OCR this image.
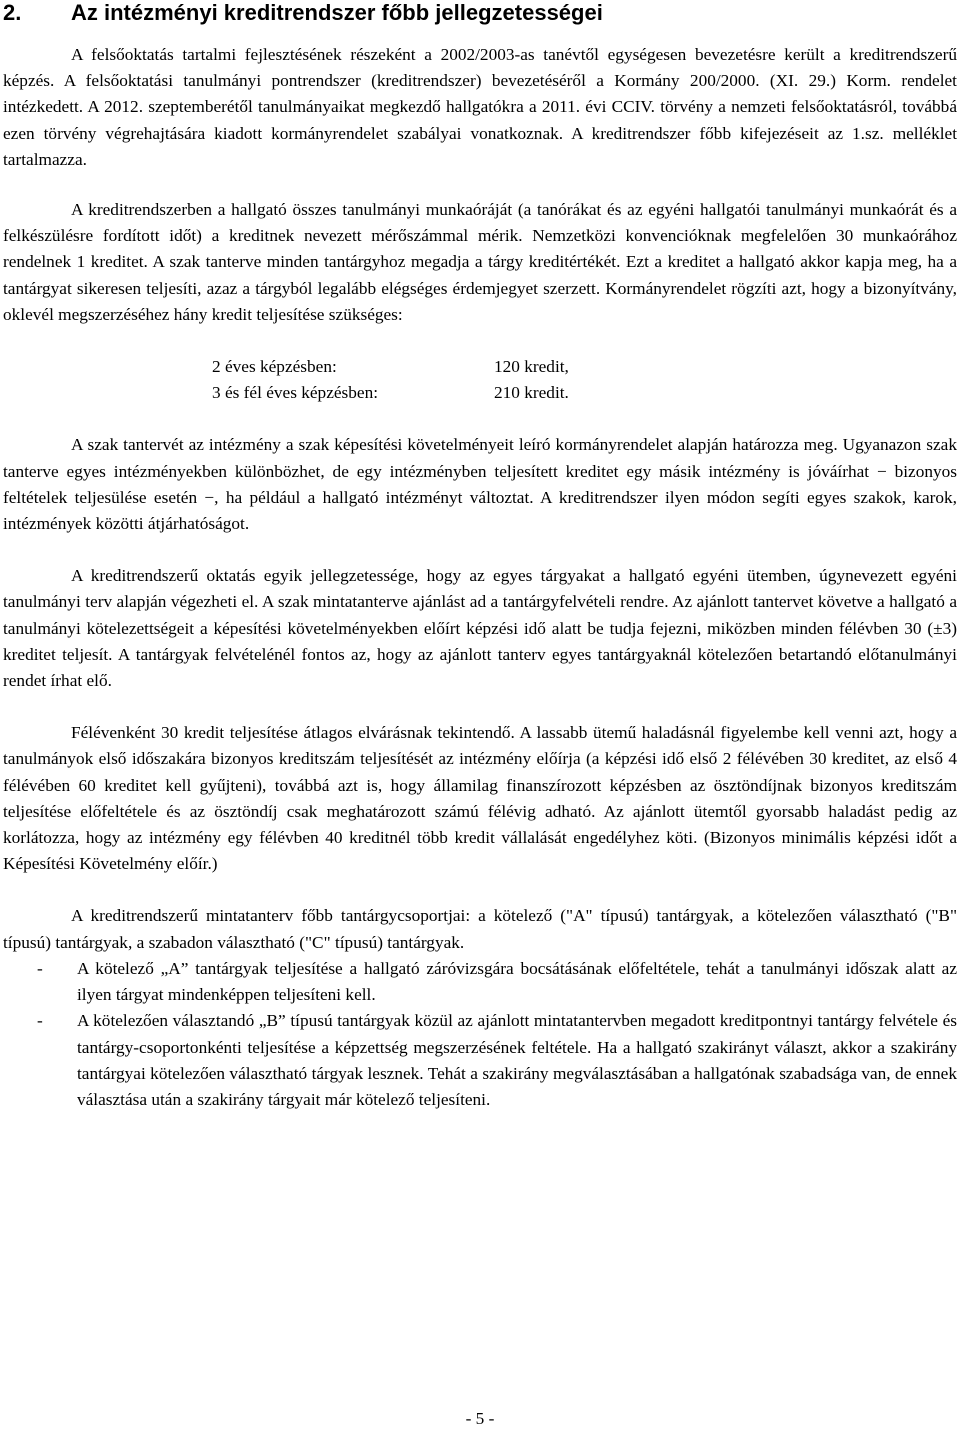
2.	Az intézményi kreditrendszer főbb jellegzetességei

A felsőoktatás tartalmi fejlesztésének részeként a 2002/2003-as tanévtől egységesen bevezetésre került a kreditrendszerű képzés. A felsőoktatási tanulmányi pontrendszer (kreditrendszer) bevezetéséről a Kormány 200/2000. (XI. 29.) Korm. rendelet intézkedett. A 2012. szeptemberétől tanulmányaikat megkezdő hallgatókra a 2011. évi CCIV. törvény a nemzeti felsőoktatásról, továbbá ezen törvény végrehajtására kiadott kormányrendelet szabályai vonatkoznak. A kreditrendszer főbb kifejezéseit az 1.sz. melléklet tartalmazza.

A kreditrendszerben a hallgató összes tanulmányi munkaóráját (a tanórákat és az egyéni hallgatói tanulmányi munkaórát és a felkészülésre fordított időt) a kreditnek nevezett mérőszámmal mérik. Nemzetközi konvencióknak megfelelően 30 munkaórához rendelnek 1 kreditet. A szak tanterve minden tantárgyhoz megadja a tárgy kreditértékét. Ezt a kreditet a hallgató akkor kapja meg, ha a tantárgyat sikeresen teljesíti, azaz a tárgyból legalább elégséges érdemjegyet szerzett. Kormányrendelet rögzíti azt, hogy a bizonyítvány, oklevél megszerzéséhez hány kredit teljesítése szükséges:

2 éves képzésben:	120 kredit,
3 és fél éves képzésben:	210 kredit.

A szak tantervét az intézmény a szak képesítési követelményeit leíró kormányrendelet alapján határozza meg. Ugyanazon szak tanterve egyes intézményekben különbözhet, de egy intézményben teljesített kreditet egy másik intézmény is jóváírhat − bizonyos feltételek teljesülése esetén −, ha például a hallgató intézményt változtat. A kreditrendszer ilyen módon segíti egyes szakok, karok, intézmények közötti átjárhatóságot.

A kreditrendszerű oktatás egyik jellegzetessége, hogy az egyes tárgyakat a hallgató egyéni ütemben, úgynevezett egyéni tanulmányi terv alapján végezheti el. A szak mintatanterve ajánlást ad a tantárgyfelvételi rendre. Az ajánlott tantervet követve a hallgató a tanulmányi kötelezettségeit a képesítési követelményekben előírt képzési idő alatt be tudja fejezni, miközben minden félévben 30 (±3) kreditet teljesít. A tantárgyak felvételénél fontos az, hogy az ajánlott tanterv egyes tantárgyaknál kötelezően betartandó előtanulmányi rendet írhat elő.

Félévenként 30 kredit teljesítése átlagos elvárásnak tekintendő. A lassabb ütemű haladásnál figyelembe kell venni azt, hogy a tanulmányok első időszakára bizonyos kreditszám teljesítését az intézmény előírja (a képzési idő első 2 félévében 30 kreditet, az első 4 félévében 60 kreditet kell gyűjteni), továbbá azt is, hogy államilag finanszírozott képzésben az ösztöndíjnak bizonyos kreditszám teljesítése előfeltétele és az ösztöndíj csak meghatározott számú félévig adható. Az ajánlott ütemtől gyorsabb haladást pedig az korlátozza, hogy az intézmény egy félévben 40 kreditnél több kredit vállalását engedélyhez köti. (Bizonyos minimális képzési időt a Képesítési Követelmény előír.)

A kreditrendszerű mintatanterv főbb tantárgycsoportjai: a kötelező ("A" típusú) tantárgyak, a kötelezően választható ("B" típusú) tantárgyak, a szabadon választható ("C" típusú) tantárgyak.

-	A kötelező „A” tantárgyak teljesítése a hallgató záróvizsgára bocsátásának előfeltétele, tehát a tanulmányi időszak alatt az ilyen tárgyat mindenképpen teljesíteni kell.
-	A kötelezően választandó „B” típusú tantárgyak közül az ajánlott mintatantervben megadott kreditpontnyi tantárgy felvétele és tantárgy-csoportonkénti teljesítése a képzettség megszerzésének feltétele. Ha a hallgató szakirányt választ, akkor a szakirány tantárgyai kötelezően választható tárgyak lesznek. Tehát a szakirány megválasztásában a hallgatónak szabadsága van, de ennek választása után a szakirány tárgyait már kötelező teljesíteni.
- 5 -
